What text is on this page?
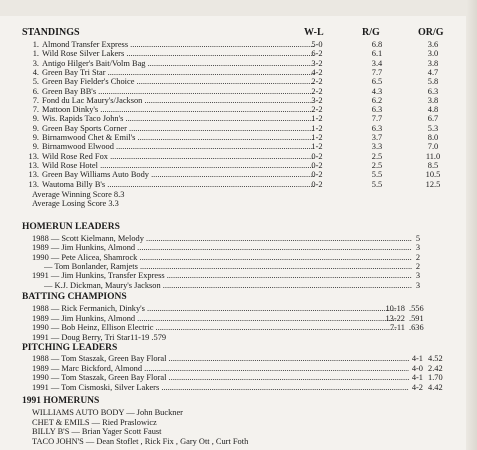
STANDINGS	W-L	R/G	OR/G
1. Almond Transfer Express .....	5-0	6.8	3.6
1. Wild Rose Silver Lakers .....	6-2	6.1	3.0
3. Antigo Hilger's Bait/Volm Bag .....	3-2	3.4	3.8
4. Green Bay Tri Star .....	4-2	7.7	4.7
5. Green Bay Fielder's Choice .....	2-2	6.5	5.8
6. Green Bay BB's .....	2-2	4.3	6.3
7. Fond du Lac Maury's/Jackson .....	3-2	6.2	3.8
7. Mattoon Dinky's .....	2-2	6.3	4.8
9. Wis. Rapids Taco John's .....	1-2	7.7	6.7
9. Green Bay Sports Corner .....	1-2	6.3	5.3
9. Birnamwood Chet & Emil's .....	1-2	3.7	8.0
9. Birnamwood Elwood .....	1-2	3.3	7.0
13. Wild Rose Red Fox .....	0-2	2.5	11.0
13. Wild Rose Hotel .....	0-2	2.5	8.5
13. Green Bay Williams Auto Body .....	0-2	5.5	10.5
13. Wautoma Billy B's .....	0-2	5.5	12.5
Average Winning Score 8.3
Average Losing Score 3.3
HOMERUN LEADERS
1988 — Scott Kielmann, Melody .....	5
1989 — Jim Hunkins, Almond .....	3
1990 — Pete Alicea, Shamrock .....	2
— Tom Bonlander, Ramjets .....	2
1991 — Jim Hunkins, Transfer Express .....	3
— K.J. Dickman, Maury's Jackson .....	3
BATTING CHAMPIONS
1988 — Rick Fermanich, Dinky's .....	10-18 .556
1989 — Jim Hunkins, Almond .....	13-22 .591
1990 — Bob Heinz, Ellison Electric .....	7-11 .636
1991 — Doug Berry, Tri Star11-19 .579
PITCHING LEADERS
1988 — Tom Staszak, Green Bay Floral .....	4-1 4.52
1989 — Marc Bickford, Almond .....	4-0 2.42
1990 — Tom Staszak, Green Bay Floral .....	4-1 1.70
1991 — Tom Cismoski, Silver Lakers .....	4-2 4.42
1991 HOMERUNS
WILLIAMS AUTO BODY — John Buckner
CHET & EMILS — Ried Praslowicz
BILLY B'S — Brian Yager Scott Faust
TACO JOHN'S — Dean Stoflet , Rick Fix , Gary Ott , Curt Foth
